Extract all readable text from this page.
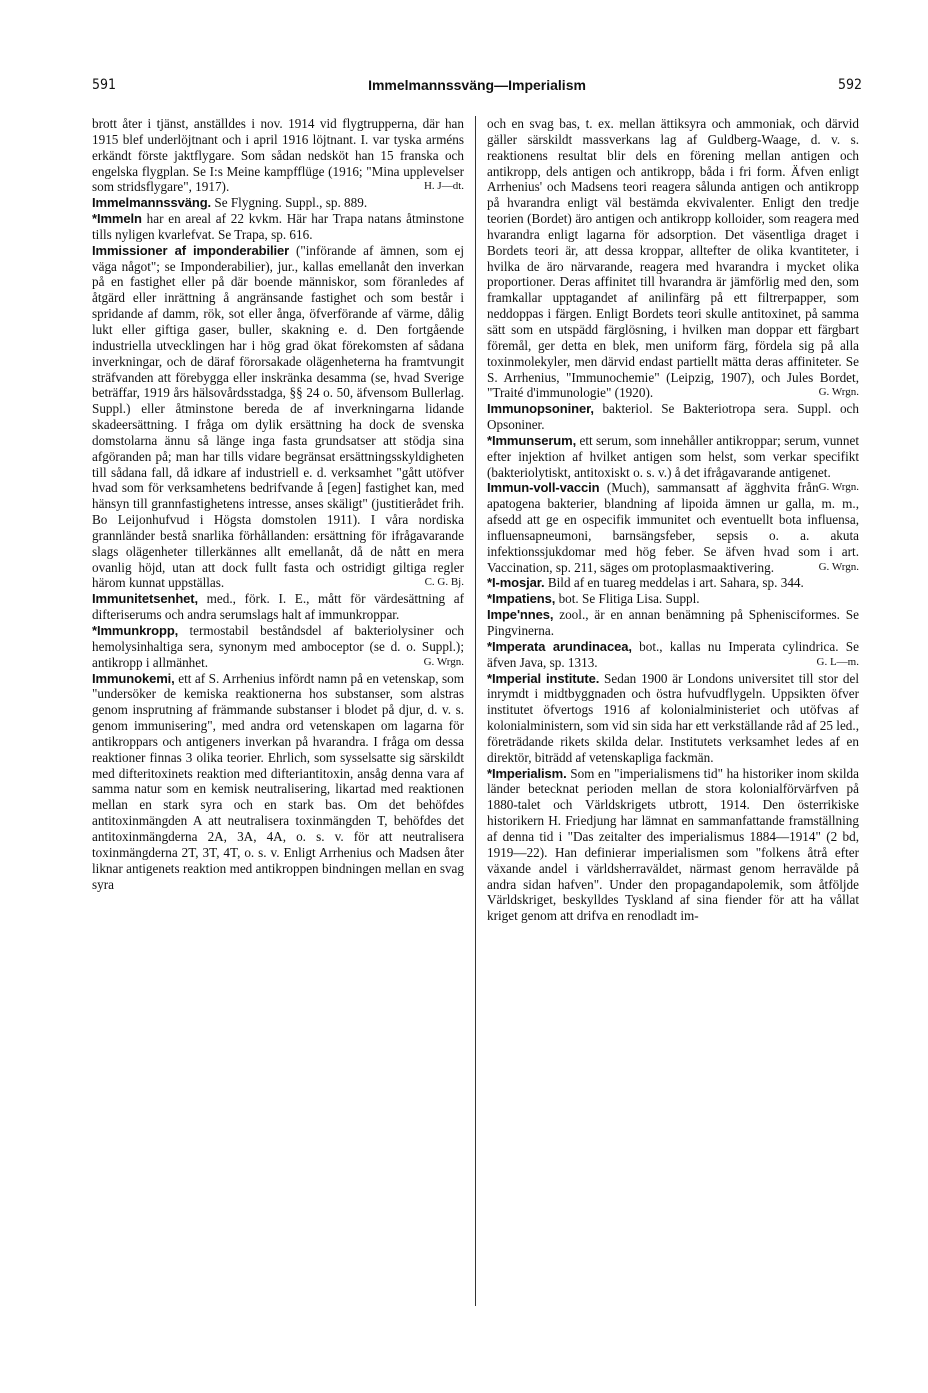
591	Immelmannssväng—Imperialism	592

brott åter i tjänst, anställdes i nov. 1914 vid flygtrupperna, där han 1915 blef underlöjtnant och i april 1916 löjtnant. I. var tyska arméns erkändt förste jaktflygare. Som sådan nedsköt han 15 franska och engelska flygplan. Se I:s Meine kampfflüge (1916; "Mina upplevelser som stridsflygare", 1917).	H. J—dt.

Immelmannssväng. Se Flygning. Suppl., sp. 889.

*Immeln har en areal af 22 kvkm. Här har Trapa natans åtminstone tills nyligen kvarlefvat. Se Trapa, sp. 616.

Immissioner af imponderabilier ("införande af ämnen, som ej väga något"; se Imponderabilier), jur., kallas emellanåt den inverkan på en fastighet eller på där boende människor, som föranledes af åtgärd eller inrättning å angränsande fastighet och som består i spridande af damm, rök, sot eller ånga, öfverförande af värme, dålig lukt eller giftiga gaser, buller, skakning e. d. Den fortgående industriella utvecklingen har i hög grad ökat förekomsten af sådana inverkningar, och de däraf förorsakade olägenheterna ha framtvungit sträfvanden att förebygga eller inskränka desamma (se, hvad Sverige beträffar, 1919 års hälsovårdsstadga, §§ 24 o. 50, äfvensom Bullerlag. Suppl.) eller åtminstone bereda de af inverkningarna lidande skadeersättning. I fråga om dylik ersättning ha dock de svenska domstolarna ännu så länge inga fasta grundsatser att stödja sina afgöranden på; man har tills vidare begränsat ersättningsskyldigheten till sådana fall, då idkare af industriell e. d. verksamhet "gått utöfver hvad som för verksamhetens bedrifvande å [egen] fastighet kan, med hänsyn till grannfastighetens intresse, anses skäligt" (justitierådet frih. Bo Leijonhufvud i Högsta domstolen 1911). I våra nordiska grannländer bestå snarlika förhållanden: ersättning för ifrågavarande slags olägenheter tillerkännes allt emellanåt, då de nått en mera ovanlig höjd, utan att dock fullt fasta och ostridigt giltiga regler härom kunnat uppställas.	C. G. Bj.

Immunitetsenhet, med., förk. I. E., mått för värdesättning af difteriserums och andra serumslags halt af immunkroppar.

*Immunkropp, termostabil beståndsdel af bakteriolysiner och hemolysinhaltiga sera, synonym med amboceptor (se d. o. Suppl.); antikropp i allmänhet.	G. Wrgn.

Immunokemi, ett af S. Arrhenius infördt namn på en vetenskap, som "undersöker de kemiska reaktionerna hos substanser, som alstras genom insprutning af främmande substanser i blodet på djur, d. v. s. genom immunisering", med andra ord vetenskapen om lagarna för antikroppars och antigeners inverkan på hvarandra. I fråga om dessa reaktioner finnas 3 olika teorier. Ehrlich, som sysselsatte sig särskildt med difteritoxinets reaktion med difteriantitoxin, ansåg denna vara af samma natur som en kemisk neutralisering, likartad med reaktionen mellan en stark syra och en stark bas. Om det behöfdes antitoxinmängden A att neutralisera toxinmängden T, behöfdes det antitoxinmängderna 2A, 3A, 4A, o. s. v. för att neutralisera toxinmängderna 2T, 3T, 4T, o. s. v. Enligt Arrhenius och Madsen åter liknar antigenets reaktion med antikroppen bindningen mellan en svag syra

och en svag bas, t. ex. mellan ättiksyra och ammoniak, och därvid gäller särskildt massverkans lag af Guldberg-Waage, d. v. s. reaktionens resultat blir dels en förening mellan antigen och antikropp, dels antigen och antikropp, båda i fri form. Äfven enligt Arrhenius' och Madsens teori reagera sålunda antigen och antikropp på hvarandra enligt väl bestämda ekvivalenter. Enligt den tredje teorien (Bordet) äro antigen och antikropp kolloider, som reagera med hvarandra enligt lagarna för adsorption. Det väsentliga draget i Bordets teori är, att dessa kroppar, alltefter de olika kvantiteter, i hvilka de äro närvarande, reagera med hvarandra i mycket olika proportioner. Deras affinitet till hvarandra är jämförlig med den, som framkallar upptagandet af anilinfärg på ett filtrerpapper, som neddoppas i färgen. Enligt Bordets teori skulle antitoxinet, på samma sätt som en utspädd färglösning, i hvilken man doppar ett färgbart föremål, ger detta en blek, men uniform färg, fördela sig på alla toxinmolekyler, men därvid endast partiellt mätta deras affiniteter. Se S. Arrhenius, "Immunochemie" (Leipzig, 1907), och Jules Bordet, "Traité d'immunologie" (1920).	G. Wrgn.

Immunopsoniner, bakteriol. Se Bakteriotropa sera. Suppl. och Opsoniner.

*Immunserum, ett serum, som innehåller antikroppar; serum, vunnet efter injektion af hvilket antigen som helst, som verkar specifikt (bakteriolytiskt, antitoxiskt o. s. v.) å det ifrågavarande antigenet.
G. Wrgn.

Immun-voll-vaccin (Much), sammansatt af ägghvita från apatogena bakterier, blandning af lipoida ämnen ur galla, m. m., afsedd att ge en ospecifik immunitet och eventuellt bota influensa, influensapneumoni, barnsängsfeber, sepsis o. a. akuta infektionssjukdomar med hög feber. Se äfven hvad som i art. Vaccination, sp. 211, säges om protoplasmaaktivering.	G. Wrgn.

*I-mosjar. Bild af en tuareg meddelas i art. Sahara, sp. 344.

*Impatiens, bot. Se Flitiga Lisa. Suppl.

Impe'nnes, zool., är en annan benämning på Sphenisciformes. Se Pingvinerna.

*Imperata arundinacea, bot., kallas nu Imperata cylindrica. Se äfven Java, sp. 1313.	G. L—m.

*Imperial institute. Sedan 1900 är Londons universitet till stor del inrymdt i midtbyggnaden och östra hufvudflygeln. Uppsikten öfver institutet öfvertogs 1916 af kolonialministeriet och utöfvas af kolonialministern, som vid sin sida har ett verkställande råd af 25 led., företrädande rikets skilda delar. Institutets verksamhet ledes af en direktör, biträdd af vetenskapliga fackmän.

*Imperialism. Som en "imperialismens tid" ha historiker inom skilda länder betecknat perioden mellan de stora kolonialförvärfven på 1880-talet och Världskrigets utbrott, 1914. Den österrikiske historikern H. Friedjung har lämnat en sammanfattande framställning af denna tid i "Das zeitalter des imperialismus 1884—1914" (2 bd, 1919—22). Han definierar imperialismen som "folkens åtrå efter växande andel i världsherraväldet, närmast genom herravälde på andra sidan hafven". Under den propagandapolemik, som åtföljde Världskriget, beskylldes Tyskland af sina fiender för att ha vållat kriget genom att drifva en renodladt im-
